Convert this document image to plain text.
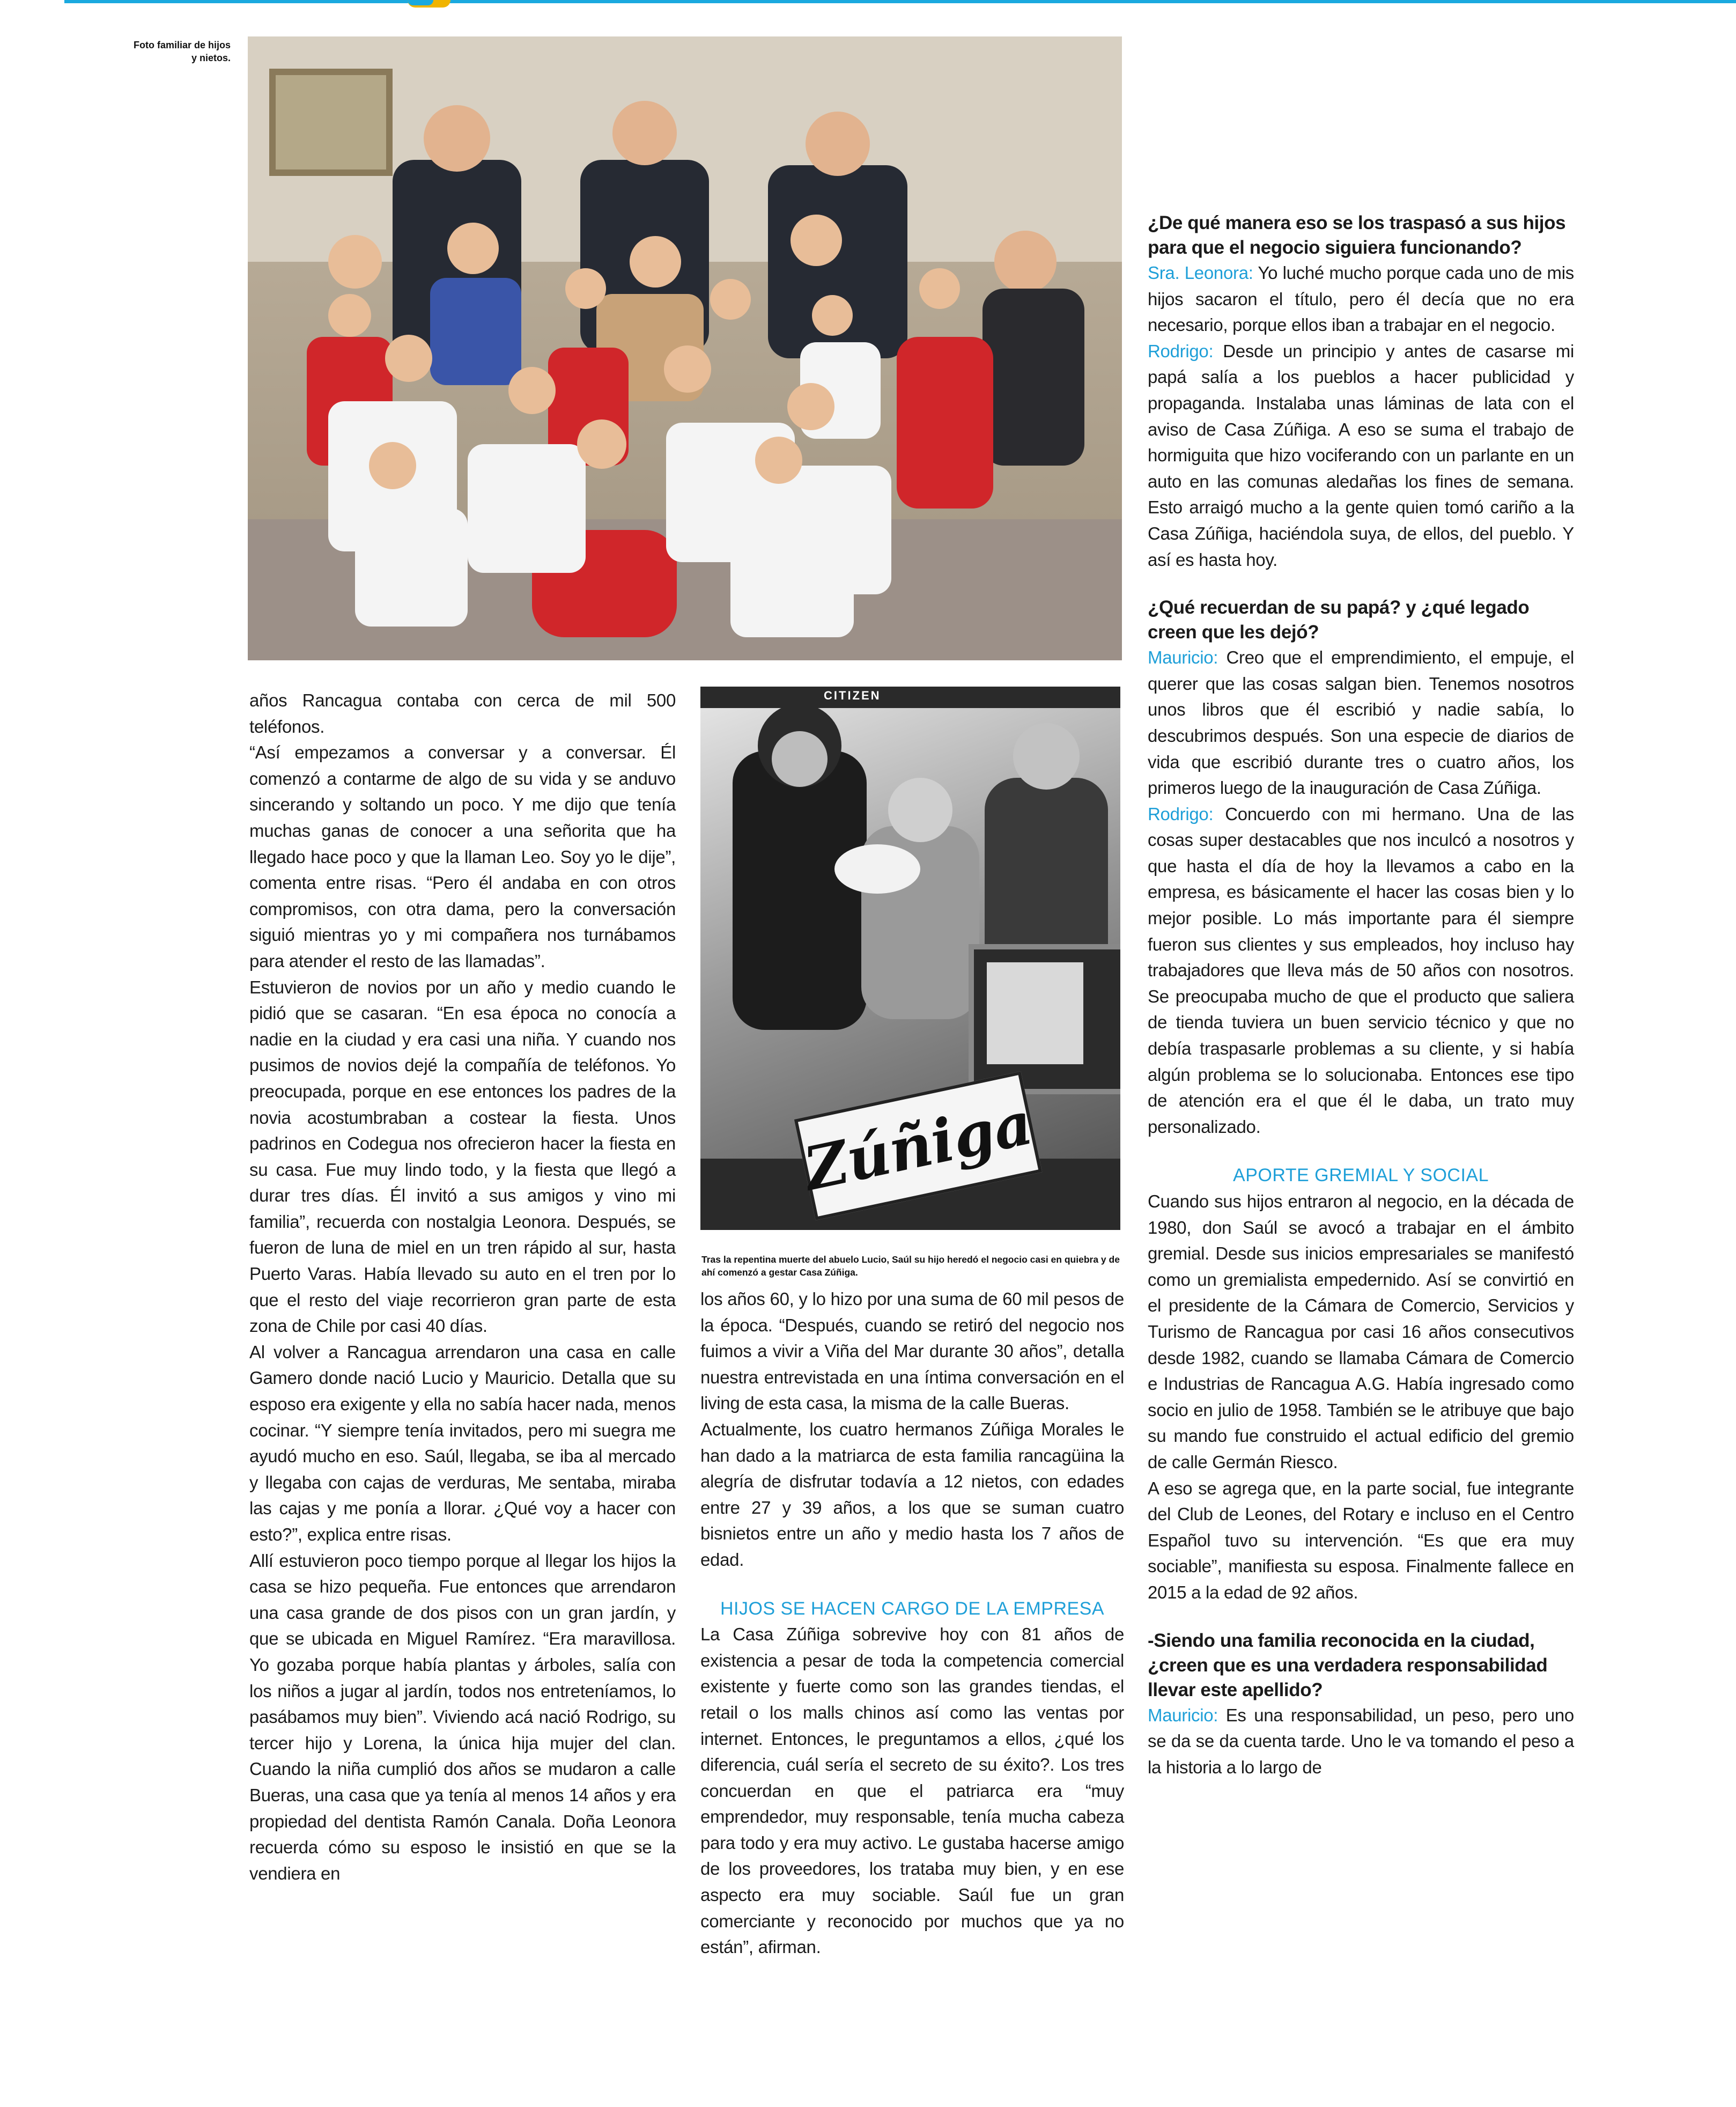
Foto familiar de hijos y nietos.
CITIZEN
Zúñiga
Tras la repentina muerte del abuelo Lucio, Saúl su hijo heredó el negocio casi en quiebra y de ahí comenzó a gestar Casa Zúñiga.

años Rancagua contaba con cerca de mil 500 teléfonos.

“Así empezamos a conversar y a conversar. Él comenzó a contarme de algo de su vida y se anduvo sincerando y soltando un poco. Y me dijo que tenía muchas ganas de conocer a una señorita que ha llegado hace poco y que la llaman Leo. Soy yo le dije”, comenta entre risas. “Pero él andaba en con otros compromisos, con otra dama, pero la conversación siguió mientras yo y mi compañera nos turnábamos para atender el resto de las llamadas”.

Estuvieron de novios por un año y medio cuando le pidió que se casaran. “En esa época no conocía a nadie en la ciudad y era casi una niña. Y cuando nos pusimos de novios dejé la compañía de teléfonos. Yo preocupada, porque en ese entonces los padres de la novia acostumbraban a costear la fiesta. Unos padrinos en Codegua nos ofrecieron hacer la fiesta en su casa. Fue muy lindo todo, y la fiesta que llegó a durar tres días. Él invitó a sus amigos y vino mi familia”, recuerda con nostalgia Leonora. Después, se fueron de luna de miel en un tren rápido al sur, hasta Puerto Varas. Había llevado su auto en el tren por lo que el resto del viaje recorrieron gran parte de esta zona de Chile por casi 40 días.

Al volver a Rancagua arrendaron una casa en calle Gamero donde nació Lucio y Mauricio. Detalla que su esposo era exigente y ella no sabía hacer nada, menos cocinar. “Y siempre tenía invitados, pero mi suegra me ayudó mucho en eso. Saúl, llegaba, se iba al mercado y llegaba con cajas de verduras, Me sentaba, miraba las cajas y me ponía a llorar. ¿Qué voy a hacer con esto?”, explica entre risas.

Allí estuvieron poco tiempo porque al llegar los hijos la casa se hizo pequeña. Fue entonces que arrendaron una casa grande de dos pisos con un gran jardín, y que se ubicada en Miguel Ramírez. “Era maravillosa. Yo gozaba porque había plantas y árboles, salía con los niños a jugar al jardín, todos nos entreteníamos, lo pasábamos muy bien”. Viviendo acá nació Rodrigo, su tercer hijo y Lorena, la única hija mujer del clan. Cuando la niña cumplió dos años se mudaron a calle Bueras, una casa que ya tenía al menos 14 años y era propiedad del dentista Ramón Canala. Doña Leonora recuerda cómo su esposo le insistió en que se la vendiera en

los años 60, y lo hizo por una suma de 60 mil pesos de la época. “Después, cuando se retiró del negocio nos fuimos a vivir a Viña del Mar durante 30 años”, detalla nuestra entrevistada en una íntima conversación en el living de esta casa, la misma de la calle Bueras.

Actualmente, los cuatro hermanos Zúñiga Morales le han dado a la matriarca de esta familia rancagüina la alegría de disfrutar todavía a 12 nietos, con edades entre 27 y 39 años, a los que se suman cuatro bisnietos entre un año y medio hasta los 7 años de edad.

HIJOS SE HACEN CARGO DE LA EMPRESA

La Casa Zúñiga sobrevive hoy con 81 años de existencia a pesar de toda la competencia comercial existente y fuerte como son las grandes tiendas, el retail o los malls chinos así como las ventas por internet. Entonces, le preguntamos a ellos, ¿qué los diferencia, cuál sería el secreto de su éxito?. Los tres concuerdan en que el patriarca era “muy emprendedor, muy responsable, tenía mucha cabeza para todo y era muy activo. Le gustaba hacerse amigo de los proveedores, los trataba muy bien, y en ese aspecto era muy sociable. Saúl fue un gran comerciante y reconocido por muchos que ya no están”, afirman.

¿De qué manera eso se los traspasó a sus hijos para que el negocio siguiera funcionando?

Sra. Leonora: Yo luché mucho porque cada uno de mis hijos sacaron el título, pero él decía que no era necesario, porque ellos iban a trabajar en el negocio.

Rodrigo: Desde un principio y antes de casarse mi papá salía a los pueblos a hacer publicidad y propaganda. Instalaba unas láminas de lata con el aviso de Casa Zúñiga. A eso se suma el trabajo de hormiguita que hizo vociferando con un parlante en un auto en las comunas aledañas los fines de semana. Esto arraigó mucho a la gente quien tomó cariño a la Casa Zúñiga, haciéndola suya, de ellos, del pueblo. Y así es hasta hoy.

¿Qué recuerdan de su papá? y ¿qué legado creen que les dejó?

Mauricio: Creo que el emprendimiento, el empuje, el querer que las cosas salgan bien. Tenemos nosotros unos libros que él escribió y nadie sabía, lo descubrimos después. Son una especie de diarios de vida que escribió durante tres o cuatro años, los primeros luego de la inauguración de Casa Zúñiga.

Rodrigo: Concuerdo con mi hermano. Una de las cosas super destacables que nos inculcó a nosotros y que hasta el día de hoy la llevamos a cabo en la empresa, es básicamente el hacer las cosas bien y lo mejor posible. Lo más importante para él siempre fueron sus clientes y sus empleados, hoy incluso hay trabajadores que lleva más de 50 años con nosotros. Se preocupaba mucho de que el producto que saliera de tienda tuviera un buen servicio técnico y que no debía traspasarle problemas a su cliente, y si había algún problema se lo solucionaba. Entonces ese tipo de atención era el que él le daba, un trato muy personalizado.

APORTE GREMIAL Y SOCIAL

Cuando sus hijos entraron al negocio, en la década de 1980, don Saúl se avocó a trabajar en el ámbito gremial. Desde sus inicios empresariales se manifestó como un gremialista empedernido. Así se convirtió en el presidente de la Cámara de Comercio, Servicios y Turismo de Rancagua por casi 16 años consecutivos desde 1982, cuando se llamaba Cámara de Comercio e Industrias de Rancagua A.G. Había ingresado como socio en julio de 1958. También se le atribuye que bajo su mando fue construido el actual edificio del gremio de calle Germán Riesco.

A eso se agrega que, en la parte social, fue integrante del Club de Leones, del Rotary e incluso en el Centro Español tuvo su intervención. “Es que era muy sociable”, manifiesta su esposa. Finalmente fallece en 2015 a la edad de 92 años.

-Siendo una familia reconocida en la ciudad, ¿creen que es una verdadera responsabilidad llevar este apellido?

Mauricio: Es una responsabilidad, un peso, pero uno se da se da cuenta tarde. Uno le va tomando el peso a la historia a lo largo de
